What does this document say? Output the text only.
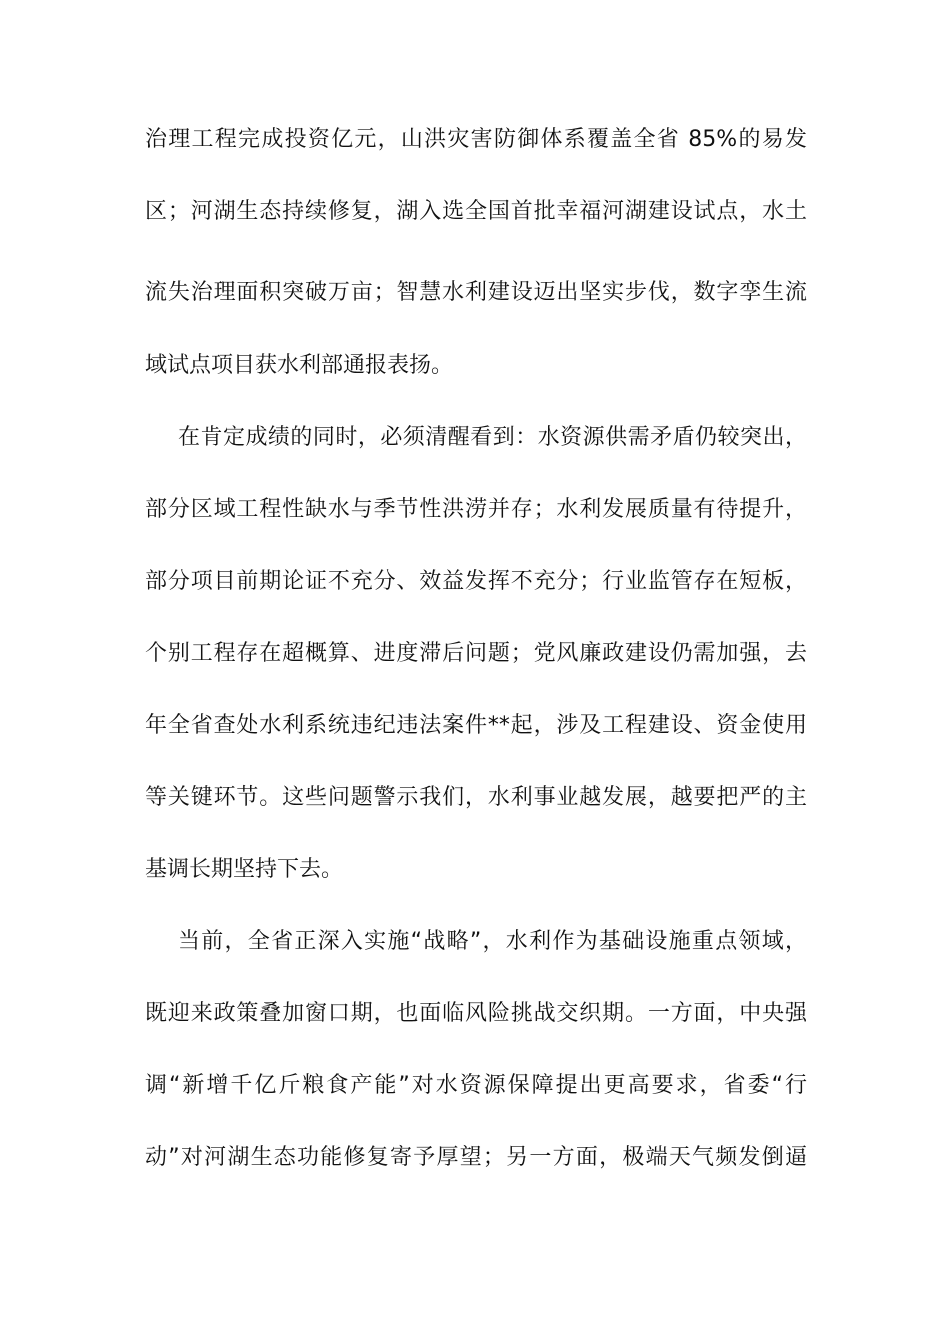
治理工程完成投资亿元，山洪灾害防御体系覆盖全省 85%的易发
区；河湖生态持续修复，湖入选全国首批幸福河湖建设试点，水土
流失治理面积突破万亩；智慧水利建设迈出坚实步伐，数字孪生流
域试点项目获水利部通报表扬。
在肯定成绩的同时，必须清醒看到：水资源供需矛盾仍较突出，
部分区域工程性缺水与季节性洪涝并存；水利发展质量有待提升，
部分项目前期论证不充分、效益发挥不充分；行业监管存在短板，
个别工程存在超概算、进度滞后问题；党风廉政建设仍需加强，去
年全省查处水利系统违纪违法案件**起，涉及工程建设、资金使用
等关键环节。这些问题警示我们，水利事业越发展，越要把严的主
基调长期坚持下去。
当前，全省正深入实施“战略”，水利作为基础设施重点领域，
既迎来政策叠加窗口期，也面临风险挑战交织期。一方面，中央强
调“新增千亿斤粮食产能”对水资源保障提出更高要求，省委“行
动”对河湖生态功能修复寄予厚望；另一方面，极端天气频发倒逼
